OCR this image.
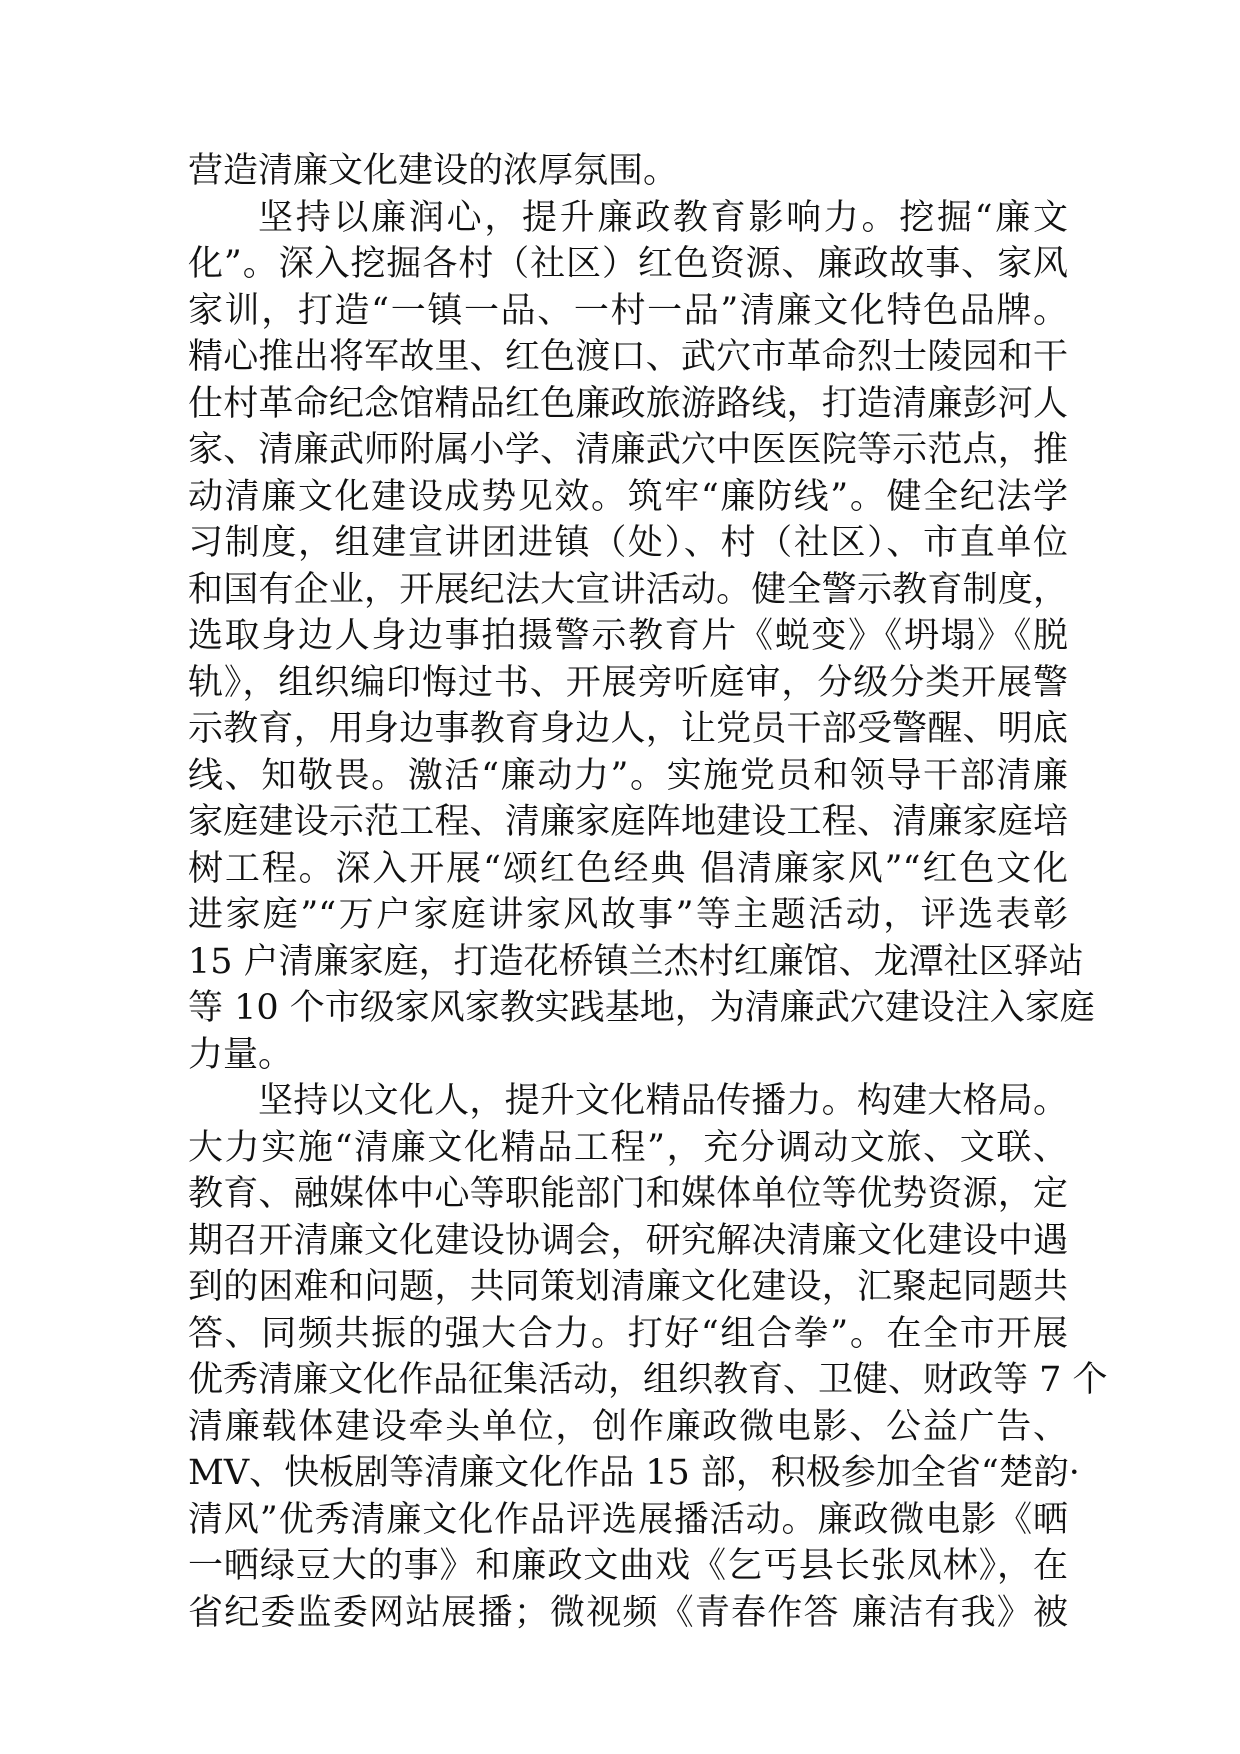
营造清廉文化建设的浓厚氛围。
坚持以廉润心，提升廉政教育影响力。挖掘“廉文
化”。深入挖掘各村（社区）红色资源、廉政故事、家风
家训，打造“一镇一品、一村一品”清廉文化特色品牌。
精心推出将军故里、红色渡口、武穴市革命烈士陵园和干
仕村革命纪念馆精品红色廉政旅游路线，打造清廉彭河人
家、清廉武师附属小学、清廉武穴中医医院等示范点，推
动清廉文化建设成势见效。筑牢“廉防线”。健全纪法学
习制度，组建宣讲团进镇（处）、村（社区）、市直单位
和国有企业，开展纪法大宣讲活动。健全警示教育制度，
选取身边人身边事拍摄警示教育片《蜕变》《坍塌》《脱
轨》，组织编印悔过书、开展旁听庭审，分级分类开展警
示教育，用身边事教育身边人，让党员干部受警醒、明底
线、知敬畏。激活“廉动力”。实施党员和领导干部清廉
家庭建设示范工程、清廉家庭阵地建设工程、清廉家庭培
树工程。深入开展“颂红色经典 倡清廉家风”“红色文化
进家庭”“万户家庭讲家风故事”等主题活动，评选表彰
15 户清廉家庭，打造花桥镇兰杰村红廉馆、龙潭社区驿站
等 10 个市级家风家教实践基地，为清廉武穴建设注入家庭
力量。
坚持以文化人，提升文化精品传播力。构建大格局。
大力实施“清廉文化精品工程”，充分调动文旅、文联、
教育、融媒体中心等职能部门和媒体单位等优势资源，定
期召开清廉文化建设协调会，研究解决清廉文化建设中遇
到的困难和问题，共同策划清廉文化建设，汇聚起同题共
答、同频共振的强大合力。打好“组合拳”。在全市开展
优秀清廉文化作品征集活动，组织教育、卫健、财政等 7 个
清廉载体建设牵头单位，创作廉政微电影、公益广告、
MV、快板剧等清廉文化作品 15 部，积极参加全省“楚韵·
清风”优秀清廉文化作品评选展播活动。廉政微电影《晒
一晒绿豆大的事》和廉政文曲戏《乞丐县长张凤林》，在
省纪委监委网站展播；微视频《青春作答 廉洁有我》被
